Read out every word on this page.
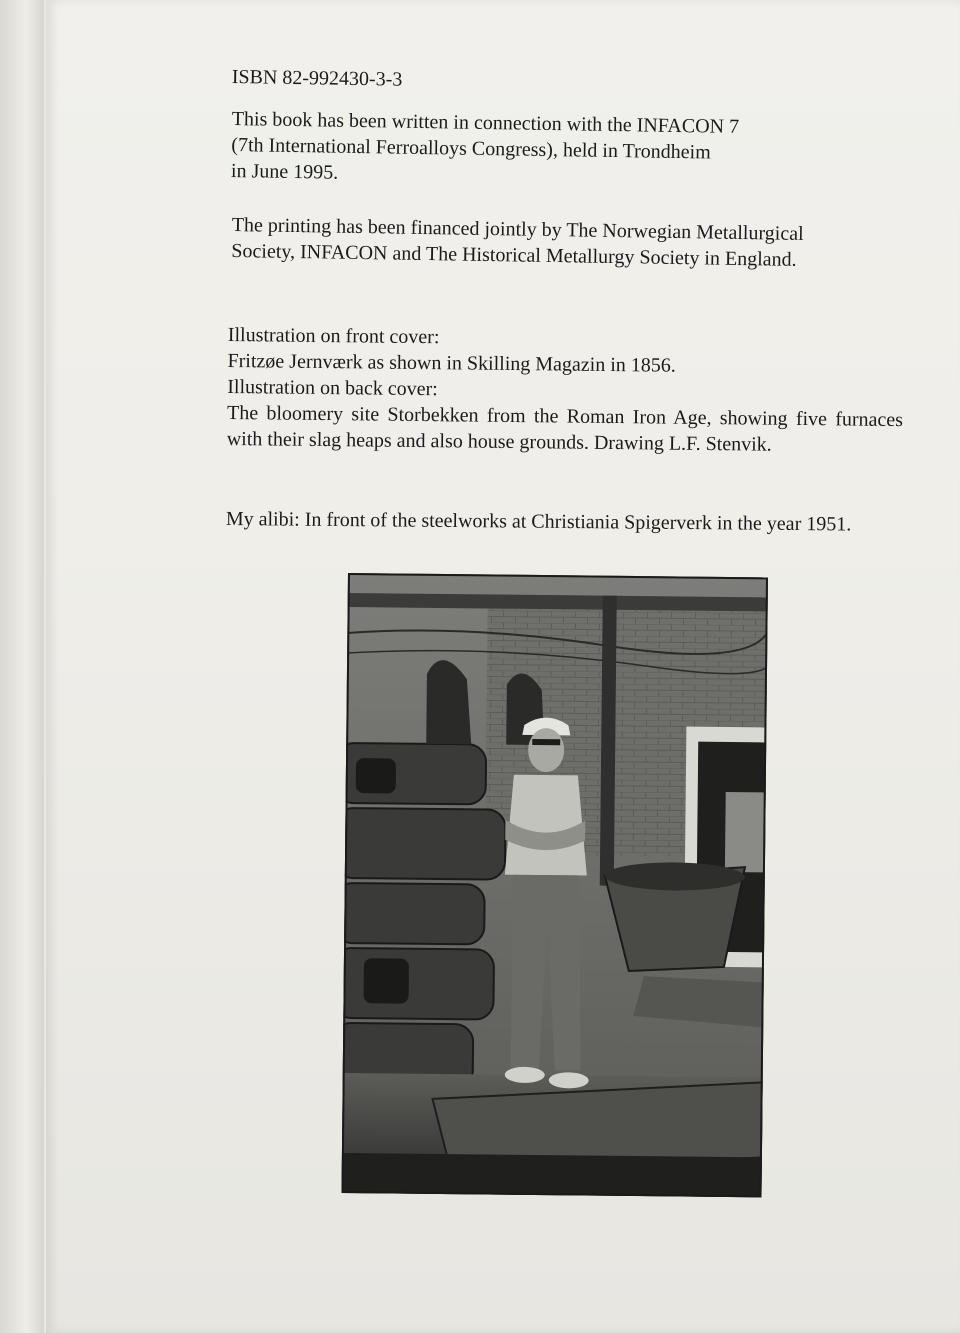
ISBN 82-992430-3-3

This book has been written in connection with the INFACON 7

(7th International Ferroalloys Congress), held in Trondheim

in June 1995.

The printing has been financed jointly by The Norwegian Metallurgical

Society, INFACON and The Historical Metallurgy Society in England.

Illustration on front cover:

Fritzøe Jernværk as shown in Skilling Magazin in 1856.

Illustration on back cover:

The bloomery site Storbekken from the Roman Iron Age, showing five furnaces with their slag heaps and also house grounds. Drawing L.F. Stenvik.

My alibi: In front of the steelworks at Christiania Spigerverk in the year 1951.
